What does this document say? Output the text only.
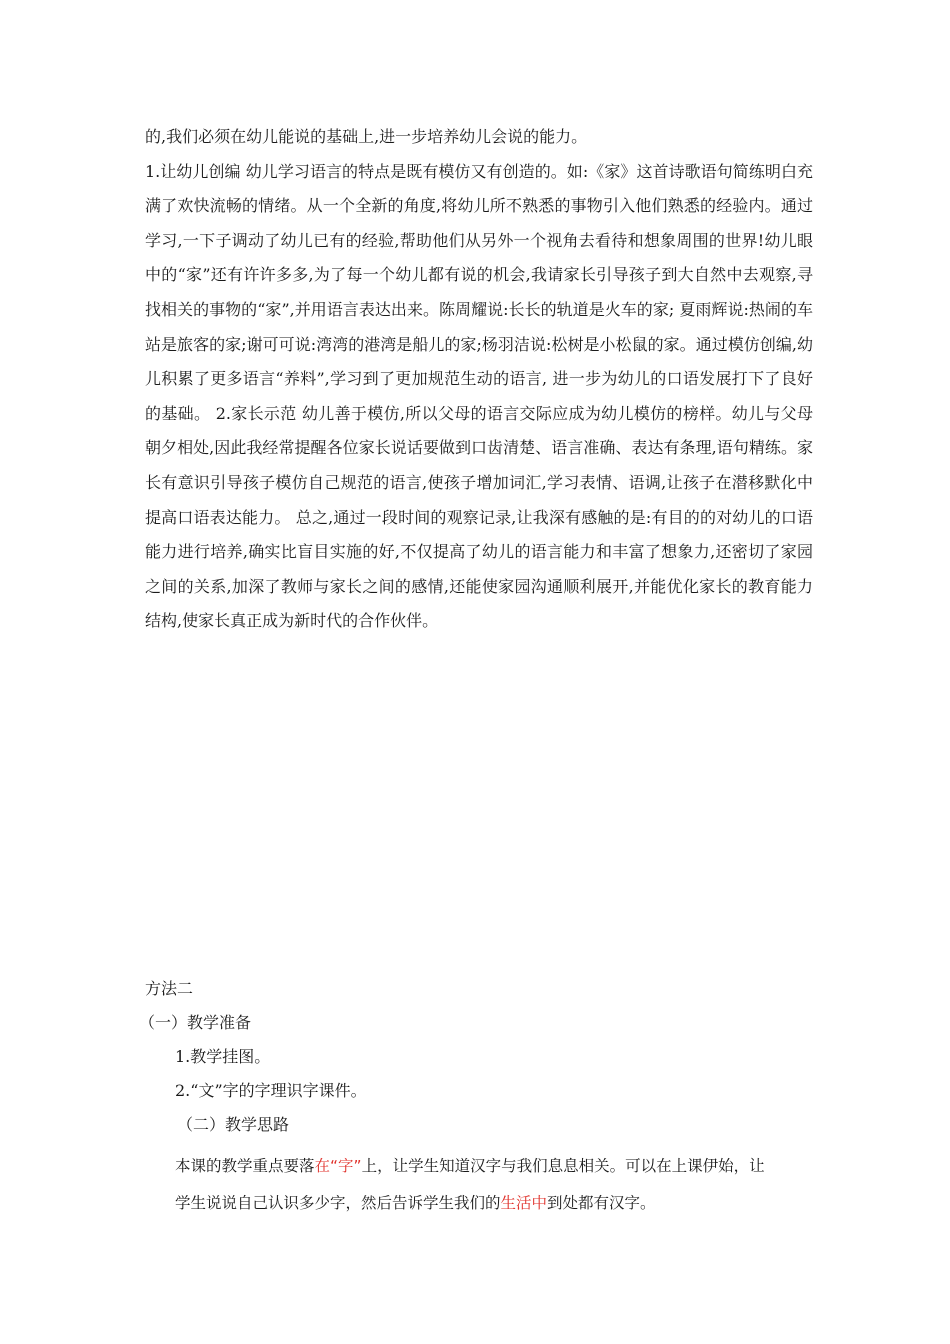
的,我们必须在幼儿能说的基础上,进一步培养幼儿会说的能力。

1.让幼儿创编 幼儿学习语言的特点是既有模仿又有创造的。如:《家》这首诗歌语句简练明白充满了欢快流畅的情绪。从一个全新的角度,将幼儿所不熟悉的事物引入他们熟悉的经验内。通过学习,一下子调动了幼儿已有的经验,帮助他们从另外一个视角去看待和想象周围的世界!幼儿眼中的“家”还有许许多多,为了每一个幼儿都有说的机会,我请家长引导孩子到大自然中去观察,寻找相关的事物的“家”,并用语言表达出来。陈周耀说:长长的轨道是火车的家; 夏雨辉说:热闹的车站是旅客的家;谢可可说:湾湾的港湾是船儿的家;杨羽洁说:松树是小松鼠的家。通过模仿创编,幼儿积累了更多语言“养料”,学习到了更加规范生动的语言, 进一步为幼儿的口语发展打下了良好的基础。 2.家长示范 幼儿善于模仿,所以父母的语言交际应成为幼儿模仿的榜样。幼儿与父母朝夕相处,因此我经常提醒各位家长说话要做到口齿清楚、语言准确、表达有条理,语句精练。家长有意识引导孩子模仿自己规范的语言,使孩子增加词汇,学习表情、语调,让孩子在潜移默化中提高口语表达能力。 总之,通过一段时间的观察记录,让我深有感触的是:有目的的对幼儿的口语能力进行培养,确实比盲目实施的好,不仅提高了幼儿的语言能力和丰富了想象力,还密切了家园之间的关系,加深了教师与家长之间的感情,还能使家园沟通顺利展开,并能优化家长的教育能力结构,使家长真正成为新时代的合作伙伴。

方法二

（一）教学准备

1.教学挂图。

2.“文”字的字理识字课件。

（二）教学思路

本课的教学重点要落在“字”上，让学生知道汉字与我们息息相关。可以在上课伊始，让学生说说自己认识多少字，然后告诉学生我们的生活中到处都有汉字。
